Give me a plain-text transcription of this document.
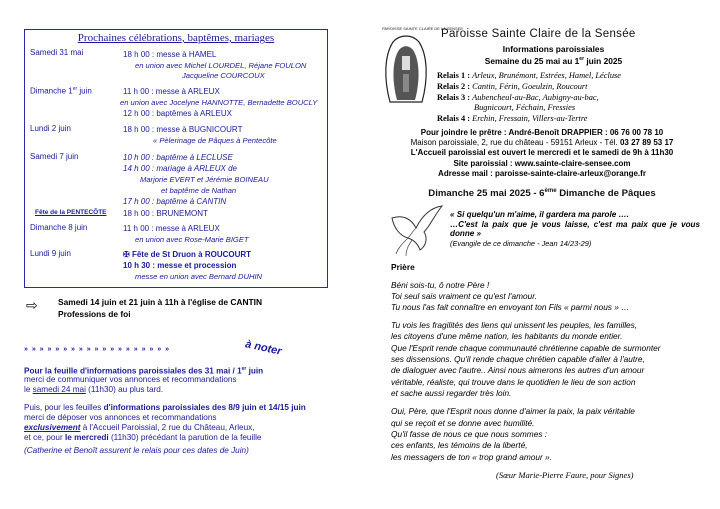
Prochaines célébrations, baptêmes, mariages
Samedi 31 mai	18 h 00 : messe à HAMEL
en union avec Michel LOURDEL, Réjane FOULON
Jacqueline COURCOUX
Dimanche 1er juin	11 h 00 : messe à ARLEUX
en union avec Jocelyne HANNOTTE, Bernadette BOUCLY
12 h 00 : baptêmes à ARLEUX
Lundi 2 juin	18 h 00 : messe à BUGNICOURT
« Pèlerinage de Pâques à Pentecôte
Samedi 7 juin	10 h 00 : baptême à LECLUSE
14 h 00 : mariage à ARLEUX de
Marjorie EVERT et Jérémie BOINEAU
et baptême de Nathan
17 h 00 : baptême à CANTIN
Fête de la PENTECÔTE 18 h 00 : BRUNEMONT
Dimanche 8 juin	11 h 00 : messe à ARLEUX
en union avec Rose-Marie BIGET
Lundi 9 juin	✠ Fête de St Druon à ROUCOURT
10 h 30 : messe et procession
messe en union avec Bernard DUHIN
⇨ Samedi 14 juin et 21 juin à 11h à l'église de CANTIN
Professions de foi
» » » » » » » » » » » » » » » » » » »	à noter
Pour la feuille d'informations paroissiales des 31 mai / 1er juin
merci de communiquer vos annonces et recommandations
le samedi 24 mai (11h30) au plus tard.
Puis, pour les feuilles d'informations paroissiales des 8/9 juin et 14/15 juin
merci de déposer vos annonces et recommandations
exclusivement à l'Accueil Paroissial, 2 rue du Château, Arleux,
et ce, pour le mercredi (11h30) précédant la parution de la feuille
(Catherine et Benoît assurent le relais pour ces dates de Juin)
PAROISSE SAINTE CLAIRE DE LA SENSEE
Paroisse Sainte Claire de la Sensée
Informations paroissiales
Semaine du 25 mai au 1er juin 2025
Relais 1 : Arleux, Brunémont, Estrées, Hamel, Lécluse
Relais 2 : Cantin, Férin, Goeulzin, Roucourt
Relais 3 : Aubencheul-au-Bac, Aubigny-au-bac,
Bugnicourt, Féchain, Fressies
Relais 4 : Erchin, Fressain, Villers-au-Tertre
Pour joindre le prêtre : André-Benoît DRAPPIER : 06 76 00 78 10
Maison paroissiale, 2, rue du château - 59151 Arleux - Tél. 03 27 89 53 17
L'Accueil paroissial est ouvert le mercredi et le samedi de 9h à 11h30
Site paroissial : www.sainte-claire-sensee.com
Adresse mail : paroisse-sainte-claire-arleux@orange.fr
Dimanche 25 mai 2025 - 6ème Dimanche de Pâques
« Si quelqu'un m'aime, il gardera ma parole ….
…C'est la paix que je vous laisse, c'est ma paix que je vous donne »
(Evangile de ce dimanche - Jean 14/23-29)
Prière
Béni sois-tu, ô notre Père !
Toi seul sais vraiment ce qu'est l'amour.
Tu nous l'as fait connaître en envoyant ton Fils « parmi nous » …
Tu vois les fragilités des liens qui unissent les peuples, les familles,
les citoyens d'une même nation, les habitants du monde entier.
Que l'Esprit rende chaque communauté chrétienne capable de surmonter
ses dissensions. Qu'il rende chaque chrétien capable d'aller à l'autre,
de dialoguer avec l'autre.. Ainsi nous aimerons les autres d'un amour
véritable, réaliste, qui trouve dans le quotidien le lieu de son action
et sache aussi regarder très loin.
Oui, Père, que l'Esprit nous donne d'aimer la paix, la paix véritable
qui se reçoit et se donne avec humilité.
Qu'il fasse de nous ce que nous sommes :
ces enfants, les témoins de la liberté,
les messagers de ton « trop grand amour ».
(Sœur Marie-Pierre Faure, pour Signes)
